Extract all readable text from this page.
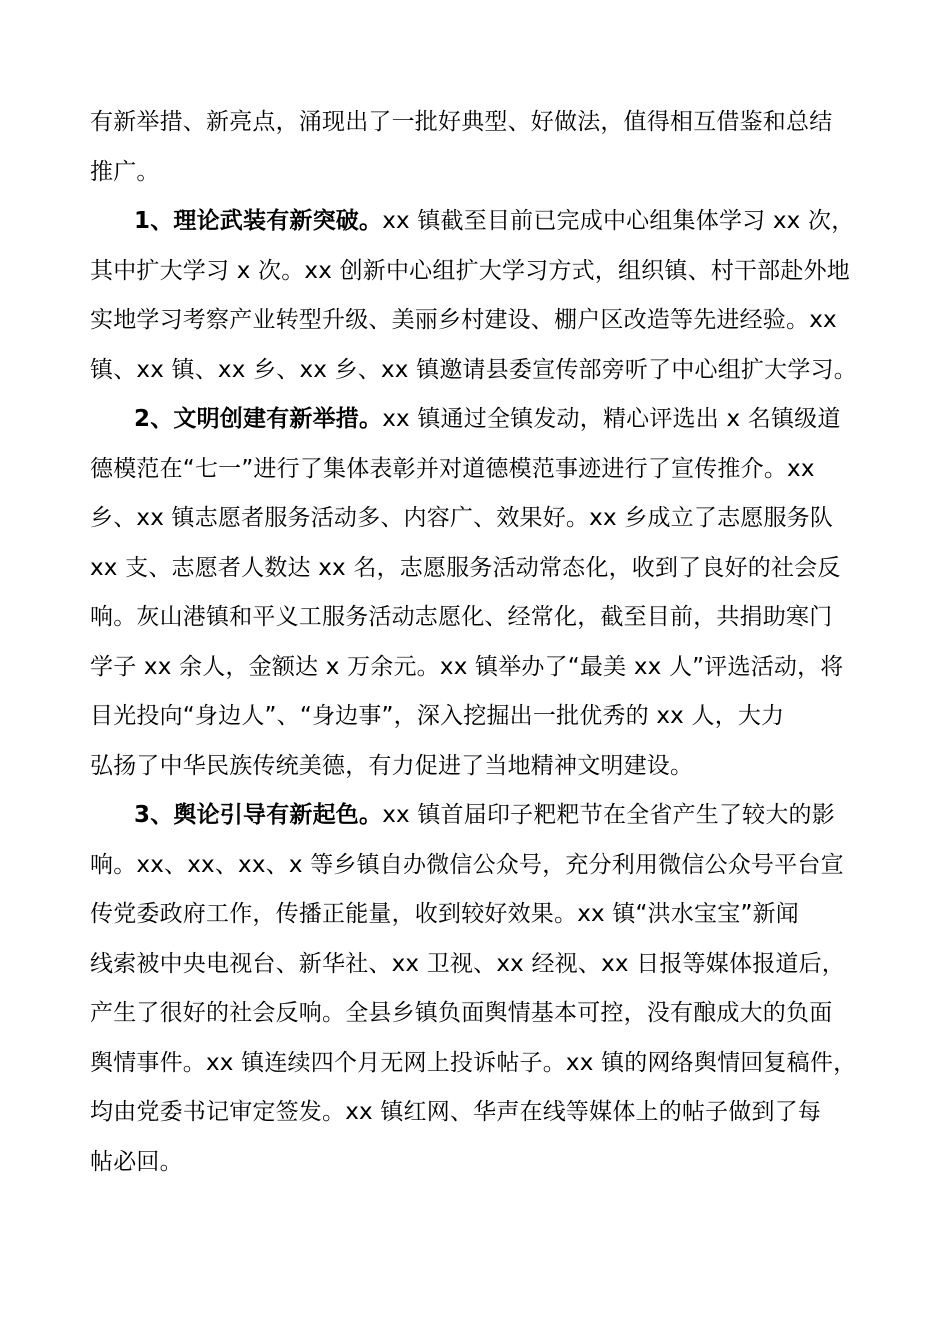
有新举措、新亮点，涌现出了一批好典型、好做法，值得相互借鉴和总结
推广。
1、理论武装有新突破。xx 镇截至目前已完成中心组集体学习 xx 次，
其中扩大学习 x 次。xx 创新中心组扩大学习方式，组织镇、村干部赴外地
实地学习考察产业转型升级、美丽乡村建设、棚户区改造等先进经验。xx
镇、xx 镇、xx 乡、xx 乡、xx 镇邀请县委宣传部旁听了中心组扩大学习。
2、文明创建有新举措。xx 镇通过全镇发动，精心评选出 x 名镇级道
德模范在“七一”进行了集体表彰并对道德模范事迹进行了宣传推介。xx
乡、xx 镇志愿者服务活动多、内容广、效果好。xx 乡成立了志愿服务队
xx 支、志愿者人数达 xx 名，志愿服务活动常态化，收到了良好的社会反
响。灰山港镇和平义工服务活动志愿化、经常化，截至目前，共捐助寒门
学子 xx 余人，金额达 x 万余元。xx 镇举办了“最美 xx 人”评选活动，将
目光投向“身边人”、“身边事”，深入挖掘出一批优秀的 xx 人，大力
弘扬了中华民族传统美德，有力促进了当地精神文明建设。
3、舆论引导有新起色。xx 镇首届印子粑粑节在全省产生了较大的影
响。xx、xx、xx、x 等乡镇自办微信公众号，充分利用微信公众号平台宣
传党委政府工作，传播正能量，收到较好效果。xx 镇“洪水宝宝”新闻
线索被中央电视台、新华社、xx 卫视、xx 经视、xx 日报等媒体报道后，
产生了很好的社会反响。全县乡镇负面舆情基本可控，没有酿成大的负面
舆情事件。xx 镇连续四个月无网上投诉帖子。xx 镇的网络舆情回复稿件，
均由党委书记审定签发。xx 镇红网、华声在线等媒体上的帖子做到了每
帖必回。
